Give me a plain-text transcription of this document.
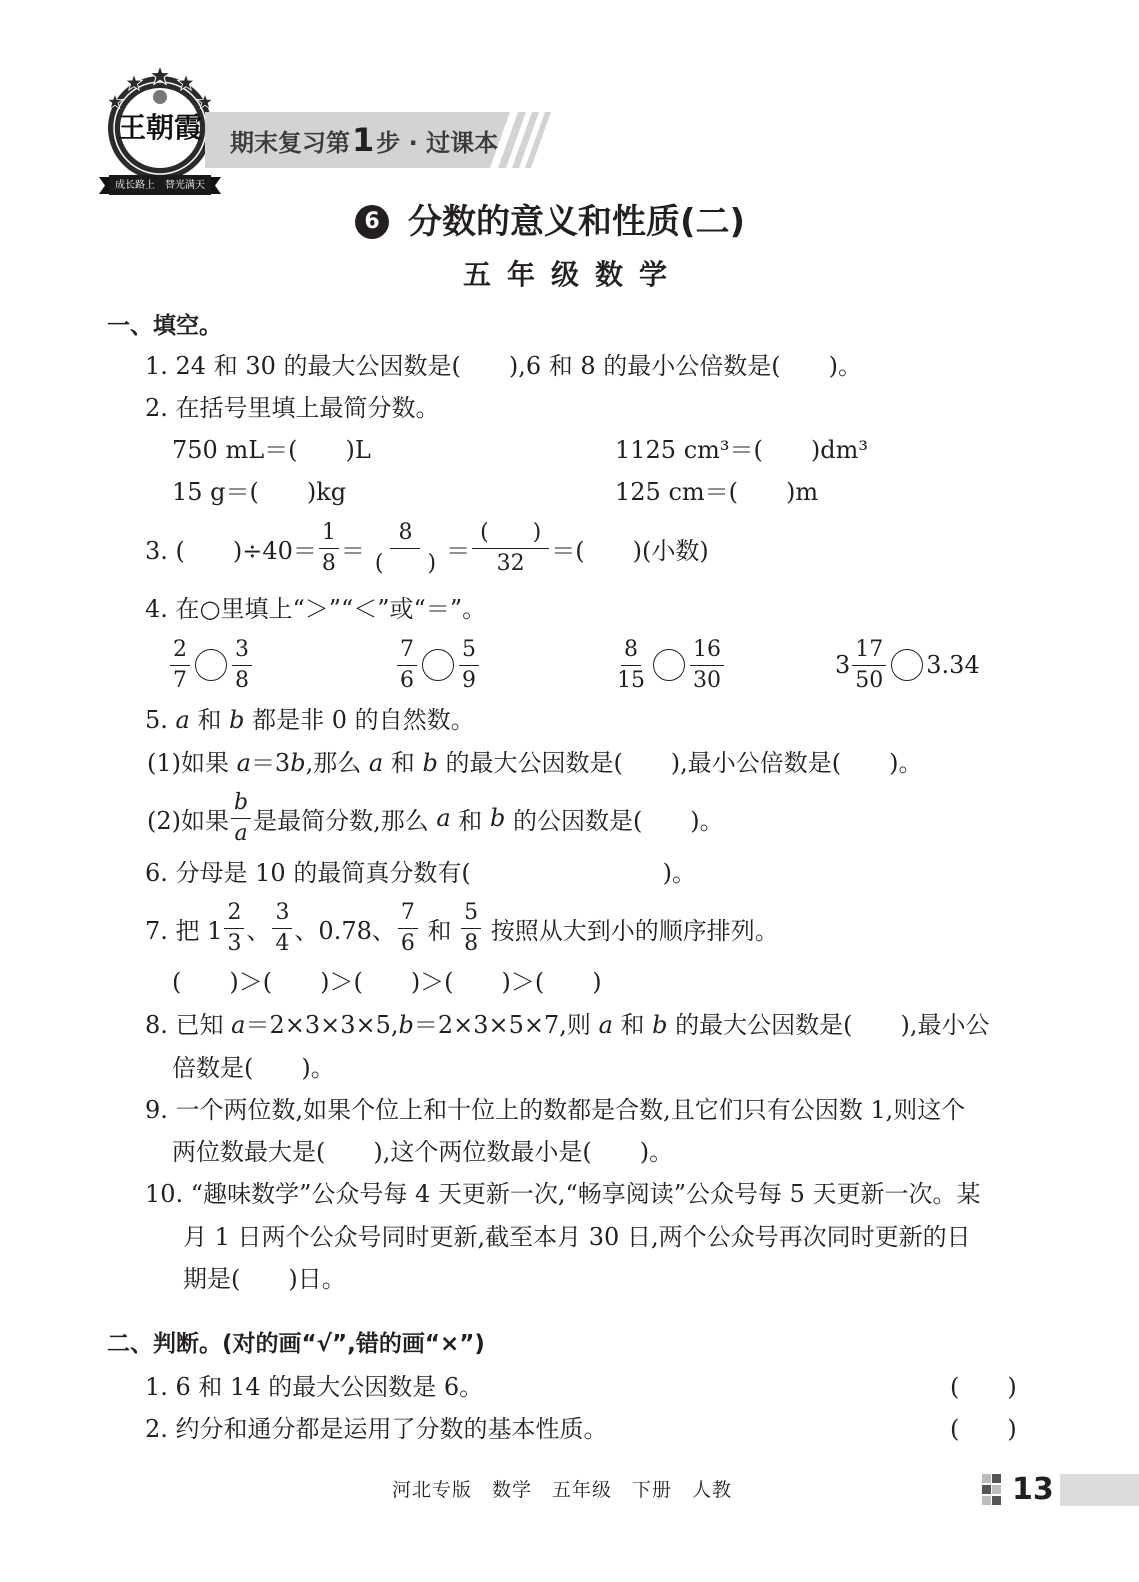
王朝霞
成长路上　替光满天
期末复习第1步 · 过课本
6 分数的意义和性质(二)
五年级数学
一、填空。
1. 24 和 30 的最大公因数是(　　),6 和 8 的最小公倍数是(　　)。
2. 在括号里填上最简分数。
750 mL＝(　　)L	1125 cm³＝(　　)dm³
15 g＝(　　)kg	125 cm＝(　　)m
3. (　　)$\div 40= \frac{1}{8} = \frac{8}{( )} = \frac{( )}{32}$ ＝(　　)(小数)
4. 在○里填上“＞”“＜”或“＝”。
$\frac{2}{7} \frac{3}{8}$	$\frac{7}{6} \frac{5}{9}$	$\frac{8}{15} \frac{16}{30}$	$3 \frac{17}{50} 3.34$
5. a 和 b 都是非 0 的自然数。
(1)如果 a＝3b,那么 a 和 b 的最大公因数是(　　),最小公倍数是(　　)。
(2)如果 $\frac{b}{a}$ 是最简分数,那么 a 和 b 的公因数是(　　)。
6. 分母是 10 的最简真分数有(　　　　　　　　)。
7. 把 $1 \frac{2}{3}$ 、 $\frac{3}{4}$ 、0.78、 $\frac{7}{6}$ 和 $\frac{5}{8}$ 按照从大到小的顺序排列。
(　　)＞(　　)＞(　　)＞(　　)＞(　　)
8. 已知 a＝2×3×3×5,b＝2×3×5×7,则 a 和 b 的最大公因数是(　　),最小公
倍数是(　　)。
9. 一个两位数,如果个位上和十位上的数都是合数,且它们只有公因数 1,则这个
两位数最大是(　　),这个两位数最小是(　　)。
10. “趣味数学”公众号每 4 天更新一次,“畅享阅读”公众号每 5 天更新一次。某
月 1 日两个公众号同时更新,截至本月 30 日,两个公众号再次同时更新的日
期是(　　)日。
二、判断。(对的画“√”,错的画“×”)
1. 6 和 14 的最大公因数是 6。	(　　)
2. 约分和通分都是运用了分数的基本性质。	(　　)
河北专版　数学　五年级　下册　人教	13
